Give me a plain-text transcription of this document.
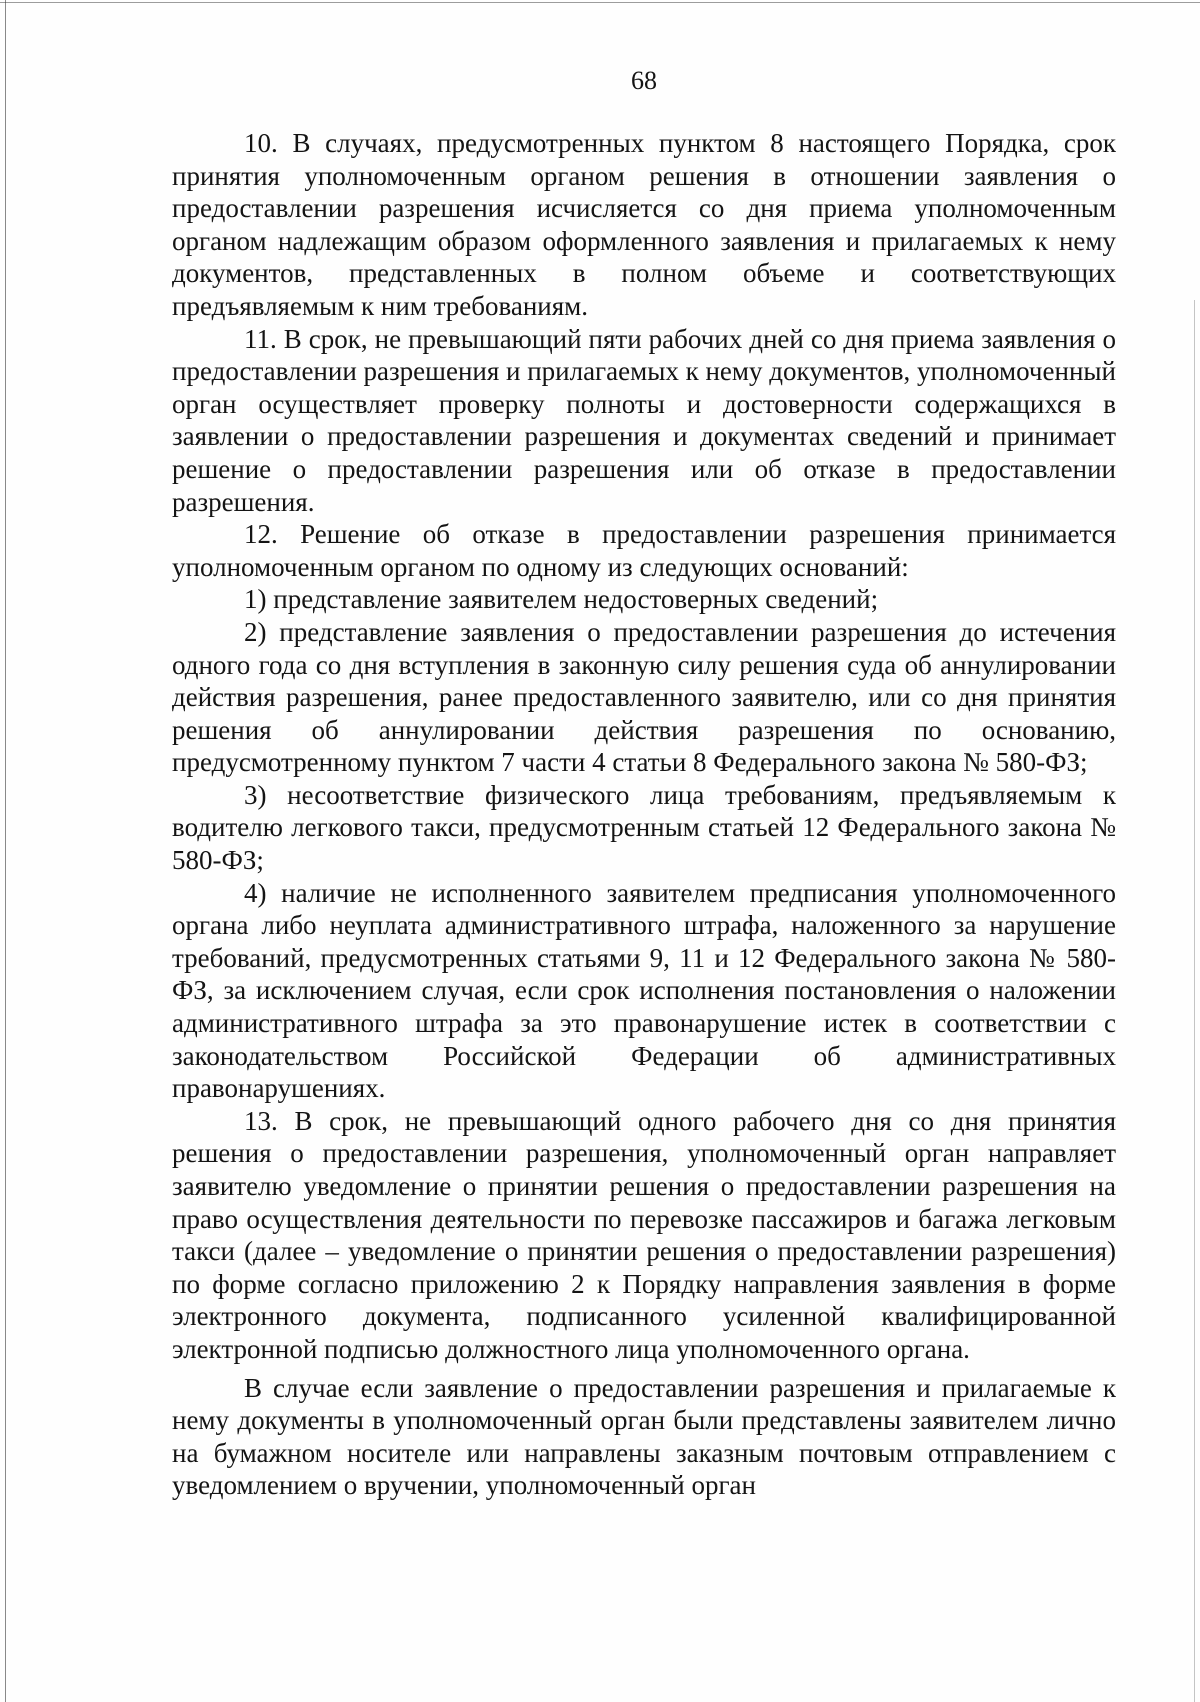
68

10. В случаях, предусмотренных пунктом 8 настоящего Порядка, срок принятия уполномоченным органом решения в отношении заявления о предоставлении разрешения исчисляется со дня приема уполномоченным органом надлежащим образом оформленного заявления и прилагаемых к нему документов, представленных в полном объеме и соответствующих предъявляемым к ним требованиям.

11. В срок, не превышающий пяти рабочих дней со дня приема заявления о предоставлении разрешения и прилагаемых к нему документов, уполномоченный орган осуществляет проверку полноты и достоверности содержащихся в заявлении о предоставлении разрешения и документах сведений и принимает решение о предоставлении разрешения или об отказе в предоставлении разрешения.

12. Решение об отказе в предоставлении разрешения принимается уполномоченным органом по одному из следующих оснований:

1) представление заявителем недостоверных сведений;

2) представление заявления о предоставлении разрешения до истечения одного года со дня вступления в законную силу решения суда об аннулировании действия разрешения, ранее предоставленного заявителю, или со дня принятия решения об аннулировании действия разрешения по основанию, предусмотренному пунктом 7 части 4 статьи 8 Федерального закона № 580-ФЗ;

3) несоответствие физического лица требованиям, предъявляемым к водителю легкового такси, предусмотренным статьей 12 Федерального закона № 580-ФЗ;

4) наличие не исполненного заявителем предписания уполномоченного органа либо неуплата административного штрафа, наложенного за нарушение требований, предусмотренных статьями 9, 11 и 12 Федерального закона № 580-ФЗ, за исключением случая, если срок исполнения постановления о наложении административного штрафа за это правонарушение истек в соответствии с законодательством Российской Федерации об административных правонарушениях.

13. В срок, не превышающий одного рабочего дня со дня принятия решения о предоставлении разрешения, уполномоченный орган направляет заявителю уведомление о принятии решения о предоставлении разрешения на право осуществления деятельности по перевозке пассажиров и багажа легковым такси (далее – уведомление о принятии решения о предоставлении разрешения) по форме согласно приложению 2 к Порядку направления заявления в форме электронного документа, подписанного усиленной квалифицированной электронной подписью должностного лица уполномоченного органа.

В случае если заявление о предоставлении разрешения и прилагаемые к нему документы в уполномоченный орган были представлены заявителем лично на бумажном носителе или направлены заказным почтовым отправлением с уведомлением о вручении, уполномоченный орган
